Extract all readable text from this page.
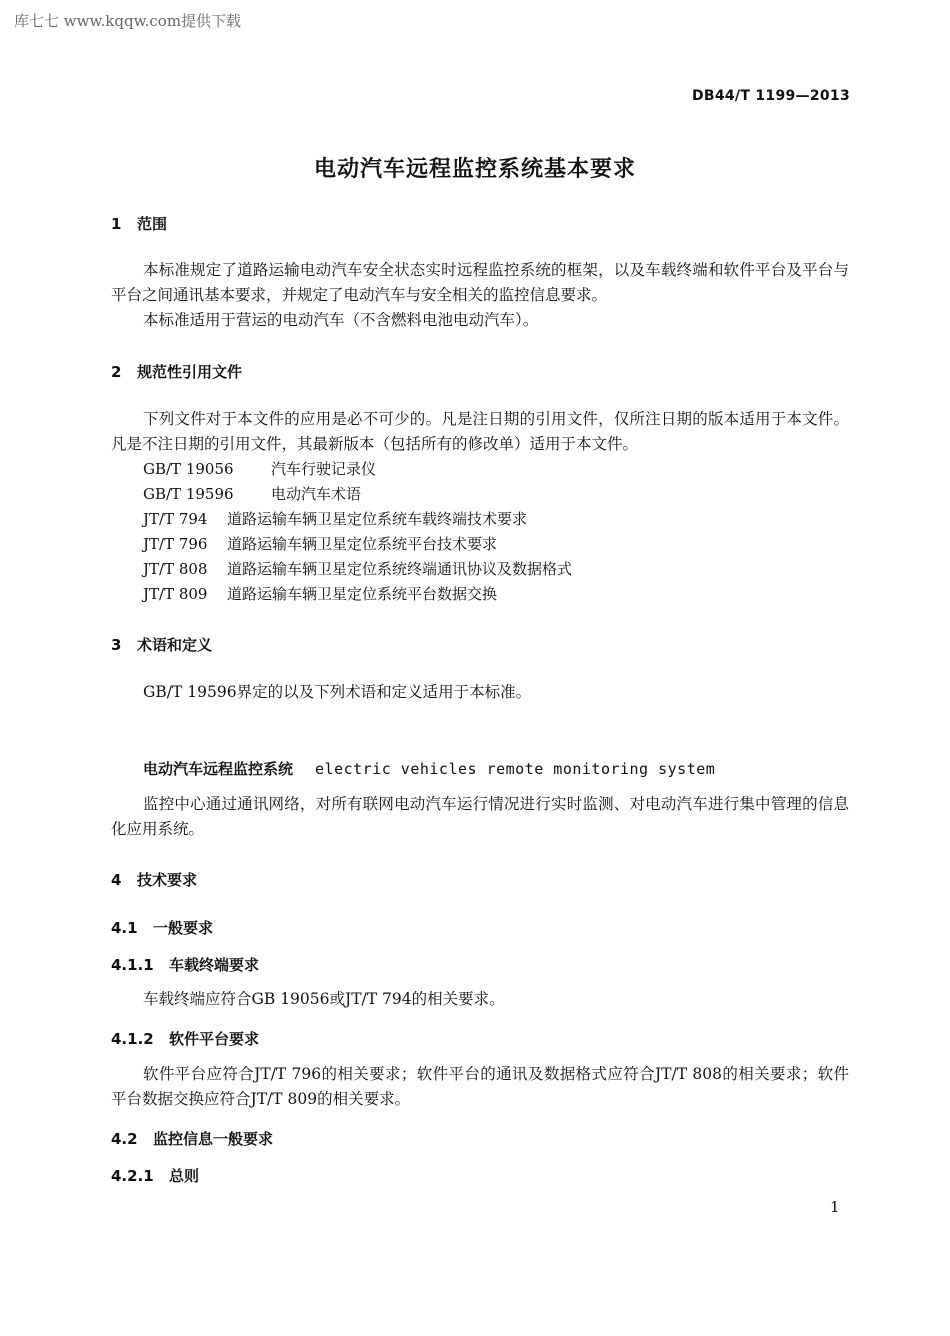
库七七 www.kqqw.com提供下载
DB44/T 1199—2013
电动汽车远程监控系统基本要求
1 范围
本标准规定了道路运输电动汽车安全状态实时远程监控系统的框架，以及车载终端和软件平台及平台与平台之间通讯基本要求，并规定了电动汽车与安全相关的监控信息要求。
本标准适用于营运的电动汽车（不含燃料电池电动汽车）。
2 规范性引用文件
下列文件对于本文件的应用是必不可少的。凡是注日期的引用文件，仅所注日期的版本适用于本文件。凡是不注日期的引用文件，其最新版本（包括所有的修改单）适用于本文件。
GB/T 19056 汽车行驶记录仪
GB/T 19596 电动汽车术语
JT/T 794 道路运输车辆卫星定位系统车载终端技术要求
JT/T 796 道路运输车辆卫星定位系统平台技术要求
JT/T 808 道路运输车辆卫星定位系统终端通讯协议及数据格式
JT/T 809 道路运输车辆卫星定位系统平台数据交换
3 术语和定义
GB/T 19596界定的以及下列术语和定义适用于本标准。
电动汽车远程监控系统 electric vehicles remote monitoring system
监控中心通过通讯网络，对所有联网电动汽车运行情况进行实时监测、对电动汽车进行集中管理的信息化应用系统。
4 技术要求
4.1 一般要求
4.1.1 车载终端要求
车载终端应符合GB 19056或JT/T 794的相关要求。
4.1.2 软件平台要求
软件平台应符合JT/T 796的相关要求；软件平台的通讯及数据格式应符合JT/T 808的相关要求；软件平台数据交换应符合JT/T 809的相关要求。
4.2 监控信息一般要求
4.2.1 总则
1
